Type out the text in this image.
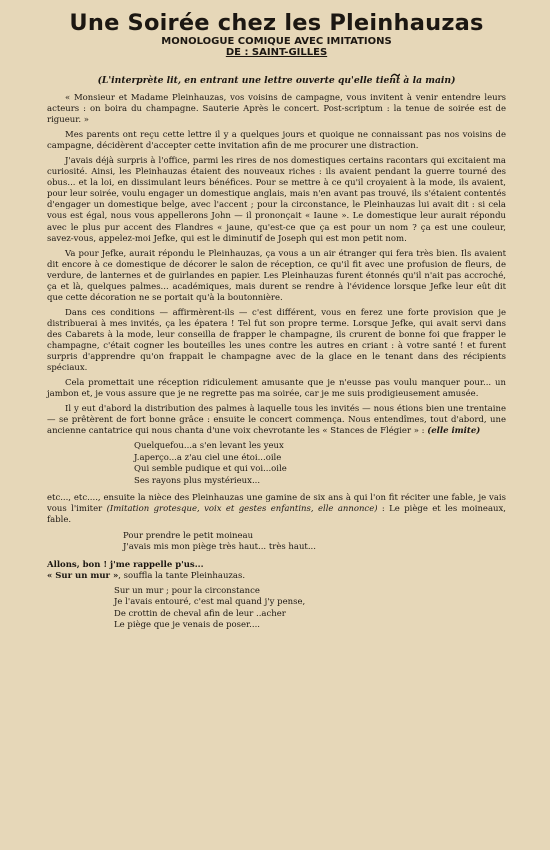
Une Soirée chez les Pleinhauzas

MONOLOGUE COMIQUE AVEC IMITATIONS

DE : SAINT-GILLES

(L'interprète lit, en entrant une lettre ouverte qu'elle tient à la main)

« Monsieur et Madame Pleinhauzas, vos voisins de campagne, vous invitent à venir entendre leurs acteurs : on boira du champagne. Sauterie Après le concert. Post-scriptum : la tenue de soirée est de rigueur. »

Mes parents ont reçu cette lettre il y a quelques jours et quoique ne connaissant pas nos voisins de campagne, décidèrent d'accepter cette invitation afin de me procurer une distraction.

J'avais déjà surpris à l'office, parmi les rires de nos domestiques certains racontars qui excitaient ma curiosité. Ainsi, les Pleinhauzas étaient des nouveaux riches : ils avaient pendant la guerre tourné des obus... et la loi, en dissimulant leurs bénéfices. Pour se mettre à ce qu'il croyaient à la mode, ils avaient, pour leur soirée, voulu engager un domestique anglais, mais n'en avant pas trouvé, ils s'étaient contentés d'engager un domestique belge, avec l'accent ; pour la circonstance, le Pleinhauzas lui avait dit : si cela vous est égal, nous vous appellerons John — il prononçait « Iaune ». Le domestique leur aurait répondu avec le plus pur accent des Flandres « jaune, qu'est-ce que ça est pour un nom ? ça est une couleur, savez-vous, appelez-moi Jefke, qui est le diminutif de Joseph qui est mon petit nom.

Va pour Jefke, aurait répondu le Pleinhauzas, ça vous a un air étranger qui fera très bien. Ils avaient dit encore à ce domestique de décorer le salon de réception, ce qu'il fit avec une profusion de fleurs, de verdure, de lanternes et de guirlandes en papier. Les Pleinhauzas furent étonnés qu'il n'ait pas accroché, ça et là, quelques palmes... académiques, mais durent se rendre à l'évidence lorsque Jefke leur eût dit que cette décoration ne se portait qu'à la boutonnière.

Dans ces conditions — affirmèrent-ils — c'est différent, vous en ferez une forte provision que je distribuerai à mes invités, ça les épatera ! Tel fut son propre terme. Lorsque Jefke, qui avait servi dans des Cabarets à la mode, leur conseilla de frapper le champagne, ils crurent de bonne foi que frapper le champagne, c'était cogner les bouteilles les unes contre les autres en criant : à votre santé ! et furent surpris d'apprendre qu'on frappait le champagne avec de la glace en le tenant dans des récipients spéciaux.

Cela promettait une réception ridiculement amusante que je n'eusse pas voulu manquer pour... un jambon et, je vous assure que je ne regrette pas ma soirée, car je me suis prodigieusement amusée.

Il y eut d'abord la distribution des palmes à laquelle tous les invités — nous étions bien une trentaine — se prêtèrent de fort bonne grâce : ensuite le concert commença. Nous entendîmes, tout d'abord, une ancienne cantatrice qui nous chanta d'une voix chevrotante les « Stances de Flégier » : (elle imite)

Quelquefou...a s'en levant les yeux

J.aperço...a z'au ciel une étoi...oile

Qui semble pudique et qui voi...oile

Ses rayons plus mystérieux...

etc..., etc...., ensuite la nièce des Pleinhauzas une gamine de six ans à qui l'on fit réciter une fable, je vais vous l'imiter (Imitation grotesque, voix et gestes enfantins, elle annonce) : Le piège et les moineaux, fable.

Pour prendre le petit moineau

J'avais mis mon piège très haut... très haut...

Allons, bon ! j'me rappelle p'us...

« Sur un mur », souffla la tante Pleinhauzas.

Sur un mur ; pour la circonstance

Je l'avais entouré, c'est mal quand j'y pense,

De crottin de cheval afin de leur ..acher

Le piège que je venais de poser....
